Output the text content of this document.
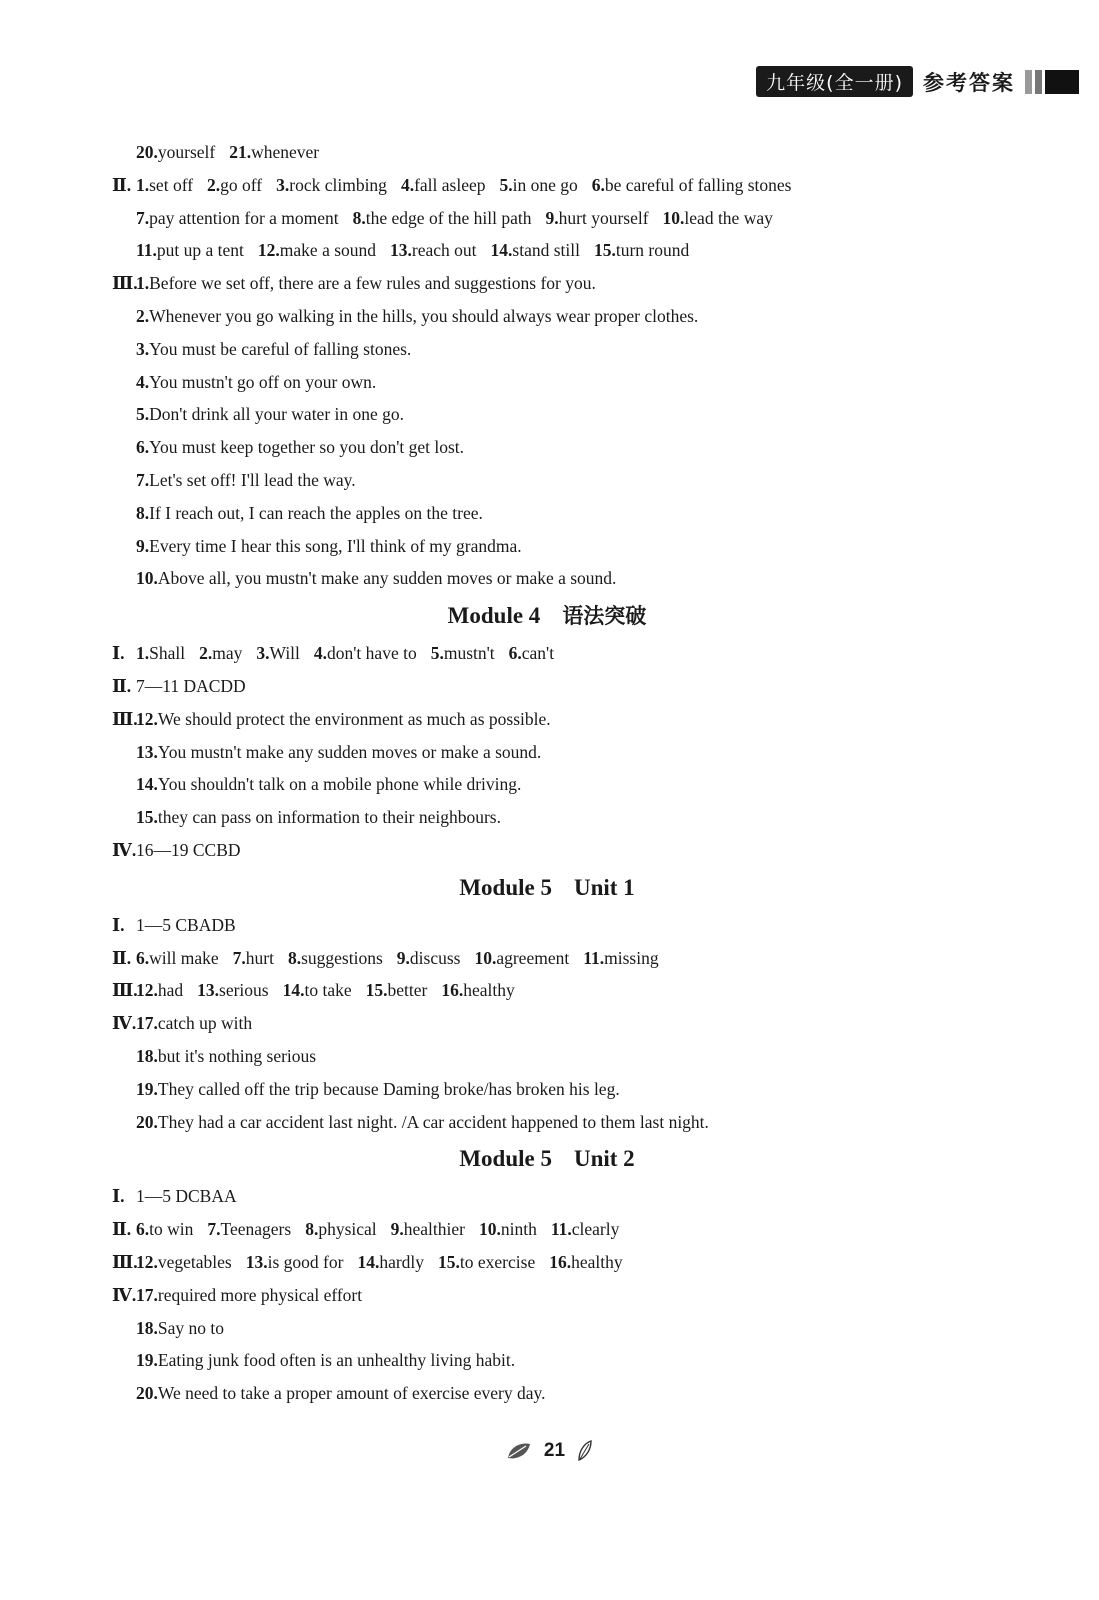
九年级(全一册) 参考答案
20.yourself 21.whenever
Ⅱ. 1.set off 2.go off 3.rock climbing 4.fall asleep 5.in one go 6.be careful of falling stones
7.pay attention for a moment 8.the edge of the hill path 9.hurt yourself 10.lead the way
11.put up a tent 12.make a sound 13.reach out 14.stand still 15.turn round
Ⅲ.1.Before we set off, there are a few rules and suggestions for you.
2.Whenever you go walking in the hills, you should always wear proper clothes.
3.You must be careful of falling stones.
4.You mustn't go off on your own.
5.Don't drink all your water in one go.
6.You must keep together so you don't get lost.
7.Let's set off! I'll lead the way.
8.If I reach out, I can reach the apples on the tree.
9.Every time I hear this song, I'll think of my grandma.
10.Above all, you mustn't make any sudden moves or make a sound.
Module 4 语法突破
Ⅰ. 1.Shall 2.may 3.Will 4.don't have to 5.mustn't 6.can't
Ⅱ. 7—11 DACDD
Ⅲ.12.We should protect the environment as much as possible.
13.You mustn't make any sudden moves or make a sound.
14.You shouldn't talk on a mobile phone while driving.
15.they can pass on information to their neighbours.
Ⅳ.16—19 CCBD
Module 5 Unit 1
Ⅰ. 1—5 CBADB
Ⅱ. 6.will make 7.hurt 8.suggestions 9.discuss 10.agreement 11.missing
Ⅲ.12.had 13.serious 14.to take 15.better 16.healthy
Ⅳ.17.catch up with
18.but it's nothing serious
19.They called off the trip because Daming broke/has broken his leg.
20.They had a car accident last night. /A car accident happened to them last night.
Module 5 Unit 2
Ⅰ. 1—5 DCBAA
Ⅱ. 6.to win 7.Teenagers 8.physical 9.healthier 10.ninth 11.clearly
Ⅲ.12.vegetables 13.is good for 14.hardly 15.to exercise 16.healthy
Ⅳ.17.required more physical effort
18.Say no to
19.Eating junk food often is an unhealthy living habit.
20.We need to take a proper amount of exercise every day.
21
